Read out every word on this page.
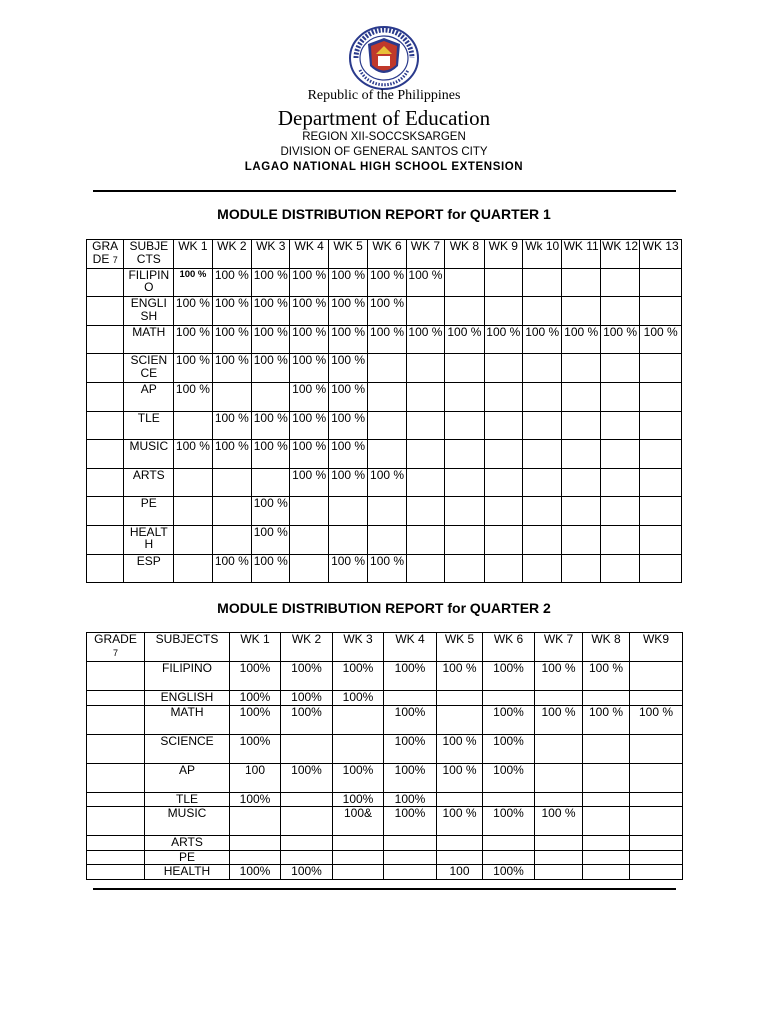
Republic of the Philippines
Department of Education
REGION XII-SOCCSKSARGEN
DIVISION OF GENERAL SANTOS CITY
LAGAO NATIONAL HIGH SCHOOL EXTENSION
MODULE DISTRIBUTION REPORT for QUARTER 1
GRA DE 7	SUBJE CTS	WK 1	WK 2	WK 3	WK 4	WK 5	WK 6	WK 7	WK 8	WK 9	Wk 10	WK 11	WK 12	WK 13
	FILIPIN O	100 %	100 %	100 %	100 %	100 %	100 %	100 %						
	ENGLI SH	100 %	100 %	100 %	100 %	100 %	100 %							
	MATH	100 %	100 %	100 %	100 %	100 %	100 %	100 %	100 %	100 %	100 %	100 %	100 %	100 %
	SCIEN CE	100 %	100 %	100 %	100 %	100 %								
	AP	100 %			100 %	100 %								
	TLE		100 %	100 %	100 %	100 %								
	MUSIC	100 %	100 %	100 %	100 %	100 %								
	ARTS				100 %	100 %	100 %							
	PE			100 %										
	HEALT H			100 %										
	ESP		100 %	100 %		100 %	100 %							
MODULE DISTRIBUTION REPORT for QUARTER 2
GRADE
7	SUBJECTS	WK 1	WK 2	WK 3	WK 4	WK 5	WK 6	WK 7	WK 8	WK9
	FILIPINO	100%	100%	100%	100%	100 %	100%	100 %	100 %	
	ENGLISH	100%	100%	100%						
	MATH	100%	100%		100%		100%	100 %	100 %	100 %
	SCIENCE	100%			100%	100 %	100%			
	AP	100	100%	100%	100%	100 %	100%			
	TLE	100%		100%	100%					
	MUSIC			100&	100%	100 %	100%	100 %		
	ARTS									
	PE									
	HEALTH	100%	100%			100	100%			
